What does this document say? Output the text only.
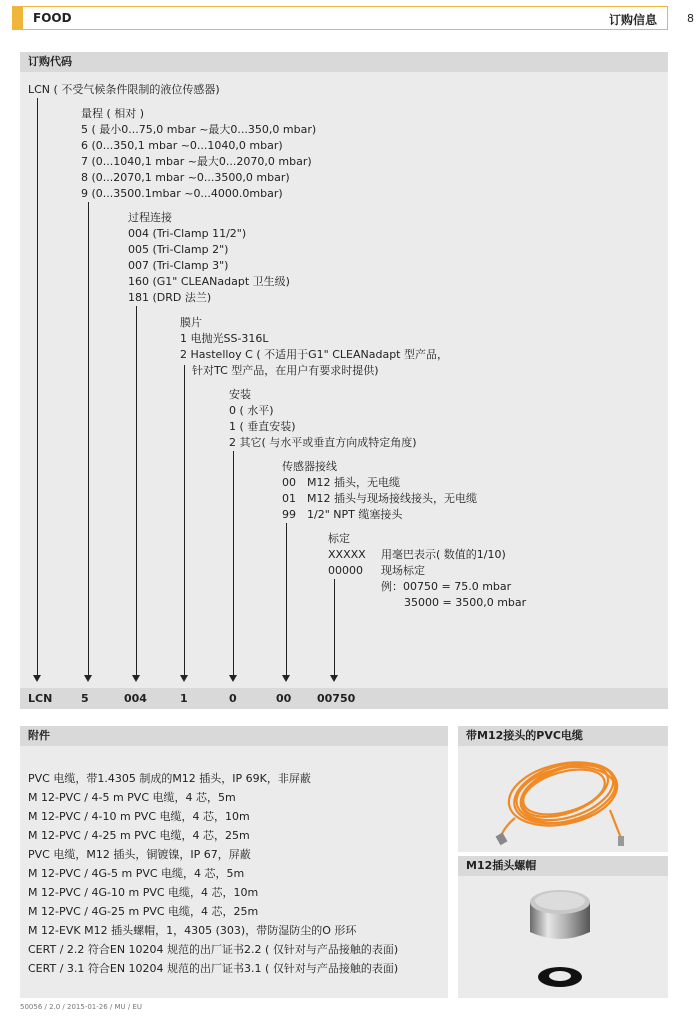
FOOD	订购信息	8
订购代码
LCN ( 不受气候条件限制的液位传感器)
量程 ( 相对 )
5 ( 最小0...75,0 mbar ~最大0...350,0 mbar)
6 (0...350,1 mbar ~0...1040,0 mbar)
7 (0...1040,1 mbar ~最大0...2070,0 mbar)
8 (0...2070,1 mbar ~0...3500,0 mbar)
9 (0...3500.1mbar ~0...4000.0mbar)
过程连接
004 (Tri-Clamp 11/2")
005 (Tri-Clamp 2")
007 (Tri-Clamp 3")
160 (G1" CLEANadapt 卫生级)
181 (DRD 法兰)
膜片
1 电抛光SS-316L
2 Hastelloy C ( 不适用于G1" CLEANadapt 型产品，
针对TC 型产品，在用户有要求时提供)
安装
0 ( 水平)
1 ( 垂直安装)
2 其它( 与水平或垂直方向成特定角度)
传感器接线
00 M12 插头，无电缆
01 M12 插头与现场接线接头，无电缆
99 1/2" NPT 缆塞接头
标定
XXXXX 用毫巴表示( 数值的1/10)
00000 现场标定
例：00750 = 75.0 mbar
35000 = 3500,0 mbar
LCN	5	004	1	0	00 00750
附件
PVC 电缆，带1.4305 制成的M12 插头，IP 69K，非屏蔽
M 12-PVC / 4-5 m PVC 电缆，4 芯，5m
M 12-PVC / 4-10 m PVC 电缆，4 芯，10m
M 12-PVC / 4-25 m PVC 电缆，4 芯，25m
PVC 电缆，M12 插头，铜镀镍，IP 67，屏蔽
M 12-PVC / 4G-5 m PVC 电缆，4 芯，5m
M 12-PVC / 4G-10 m PVC 电缆，4 芯，10m
M 12-PVC / 4G-25 m PVC 电缆，4 芯，25m
M 12-EVK M12 插头螺帽，1，4305 (303)，带防湿防尘的O 形环
CERT / 2.2 符合EN 10204 规范的出厂证书2.2 ( 仅针对与产品接触的表面)
CERT / 3.1 符合EN 10204 规范的出厂证书3.1 ( 仅针对与产品接触的表面)
带M12接头的PVC电缆
M12插头螺帽
50056 / 2.0 / 2015-01-26 / MU / EU
